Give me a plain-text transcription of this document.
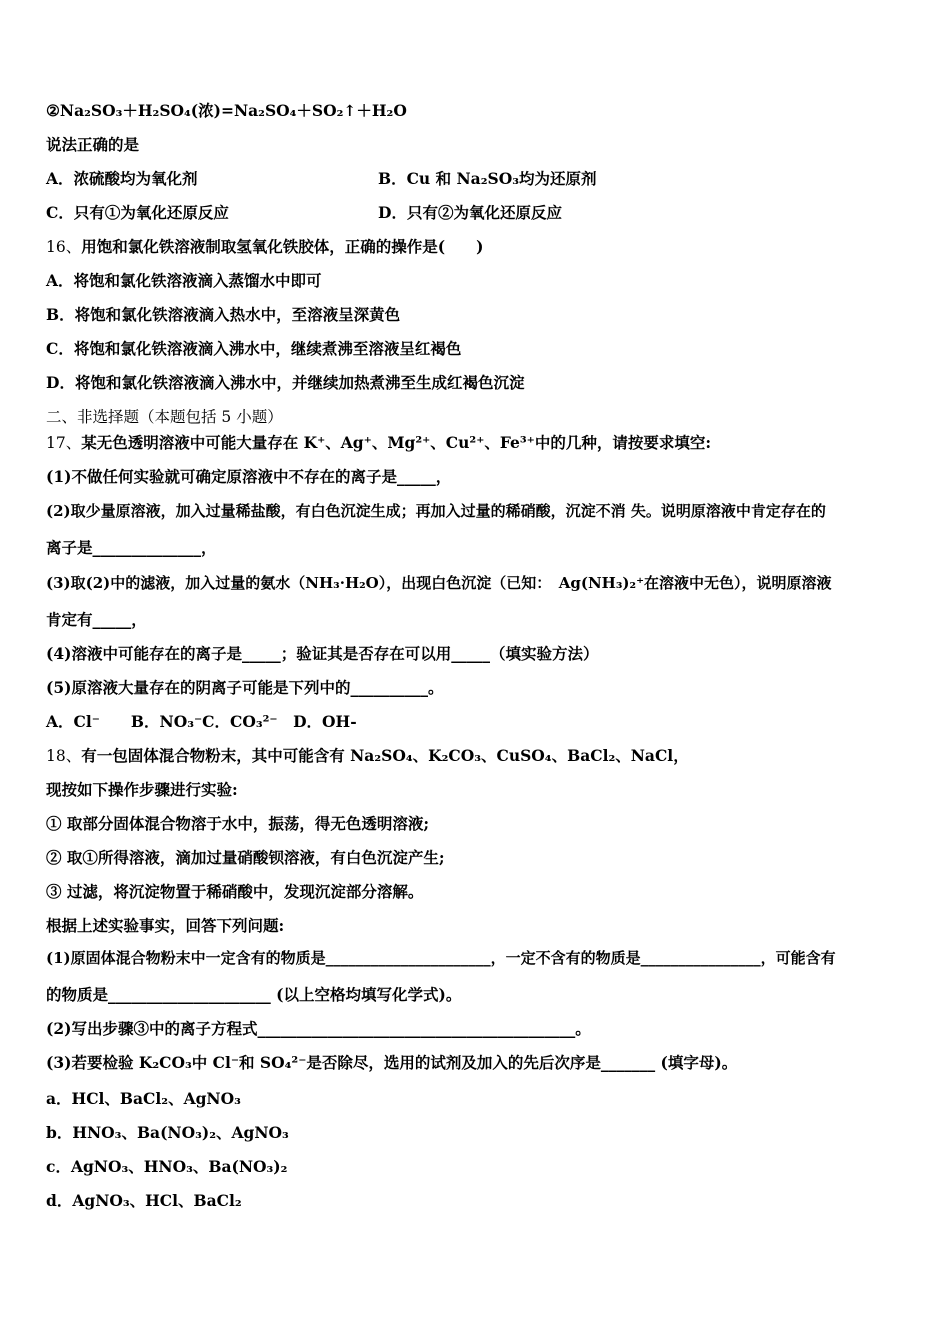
②Na₂SO₃＋H₂SO₄(浓)=Na₂SO₄＋SO₂↑＋H₂O
说法正确的是
A．浓硫酸均为氧化剂	B．Cu 和 Na₂SO₃均为还原剂
C．只有①为氧化还原反应	D．只有②为氧化还原反应
16、用饱和氯化铁溶液制取氢氧化铁胶体，正确的操作是(　　)
A．将饱和氯化铁溶液滴入蒸馏水中即可
B．将饱和氯化铁溶液滴入热水中，至溶液呈深黄色
C．将饱和氯化铁溶液滴入沸水中，继续煮沸至溶液呈红褐色
D．将饱和氯化铁溶液滴入沸水中，并继续加热煮沸至生成红褐色沉淀
二、非选择题（本题包括 5 小题）
17、某无色透明溶液中可能大量存在 K⁺、Ag⁺、Mg²⁺、Cu²⁺、Fe³⁺中的几种，请按要求填空:
(1)不做任何实验就可确定原溶液中不存在的离子是_____，
(2)取少量原溶液，加入过量稀盐酸，有白色沉淀生成；再加入过量的稀硝酸，沉淀不消 失。说明原溶液中肯定存在的
离子是______________，
(3)取(2)中的滤液，加入过量的氨水（NH₃·H₂O），出现白色沉淀（已知：　Ag(NH₃)₂⁺在溶液中无色），说明原溶液
肯定有_____，
(4)溶液中可能存在的离子是_____；验证其是否存在可以用_____（填实验方法）
(5)原溶液大量存在的阴离子可能是下列中的__________。
A．Cl⁻　　B．NO₃⁻C．CO₃²⁻　D．OH-
18、有一包固体混合物粉末，其中可能含有 Na₂SO₄、K₂CO₃、CuSO₄、BaCl₂、NaCl，
现按如下操作步骤进行实验:
① 取部分固体混合物溶于水中，振荡，得无色透明溶液;
② 取①所得溶液，滴加过量硝酸钡溶液，有白色沉淀产生;
③ 过滤，将沉淀物置于稀硝酸中，发现沉淀部分溶解。
根据上述实验事实，回答下列问题:
(1)原固体混合物粉末中一定含有的物质是______________________，一定不含有的物质是________________，可能含有
的物质是_____________________ (以上空格均填写化学式)。
(2)写出步骤③中的离子方程式_________________________________________。
(3)若要检验 K₂CO₃中 Cl⁻和 SO₄²⁻是否除尽，选用的试剂及加入的先后次序是_______ (填字母)。
a．HCl、BaCl₂、AgNO₃
b．HNO₃、Ba(NO₃)₂、AgNO₃
c．AgNO₃、HNO₃、Ba(NO₃)₂
d．AgNO₃、HCl、BaCl₂
